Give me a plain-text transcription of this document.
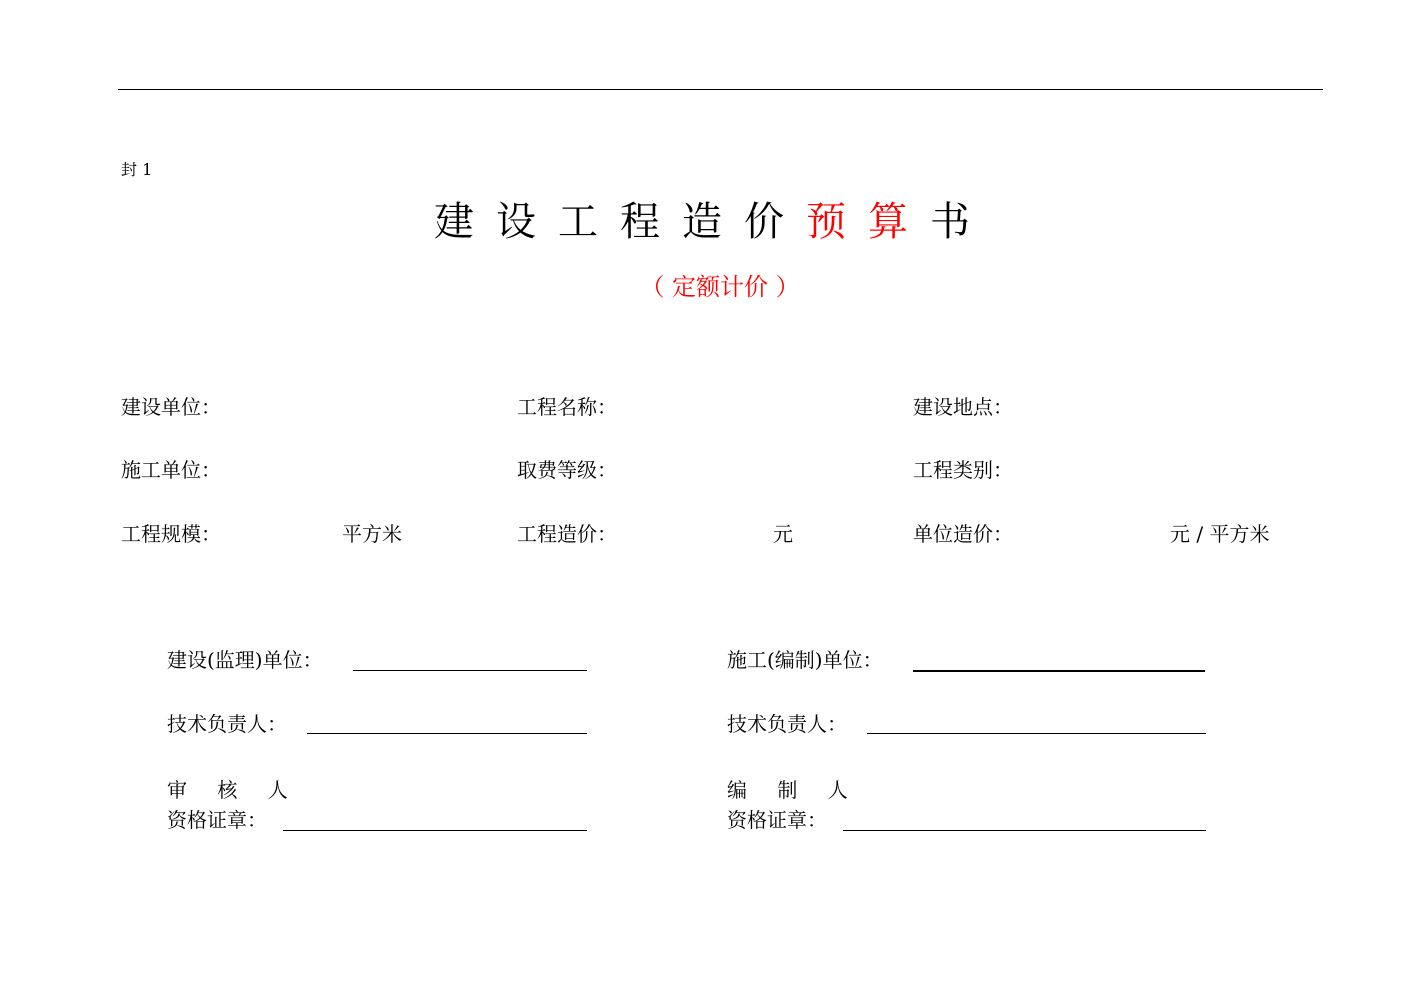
封 1
建 设 工 程 造 价 预 算 书
（ 定额计价 ）
建设单位：	工程名称：	建设地点：
施工单位：	取费等级：	工程类别：
工程规模：	平方米	工程造价：	元	单位造价：	元 / 平方米
建设(监理)单位：
技术负责人：
审 核 人
资格证章：
施工(编制)单位：
技术负责人：
编 制 人
资格证章：
